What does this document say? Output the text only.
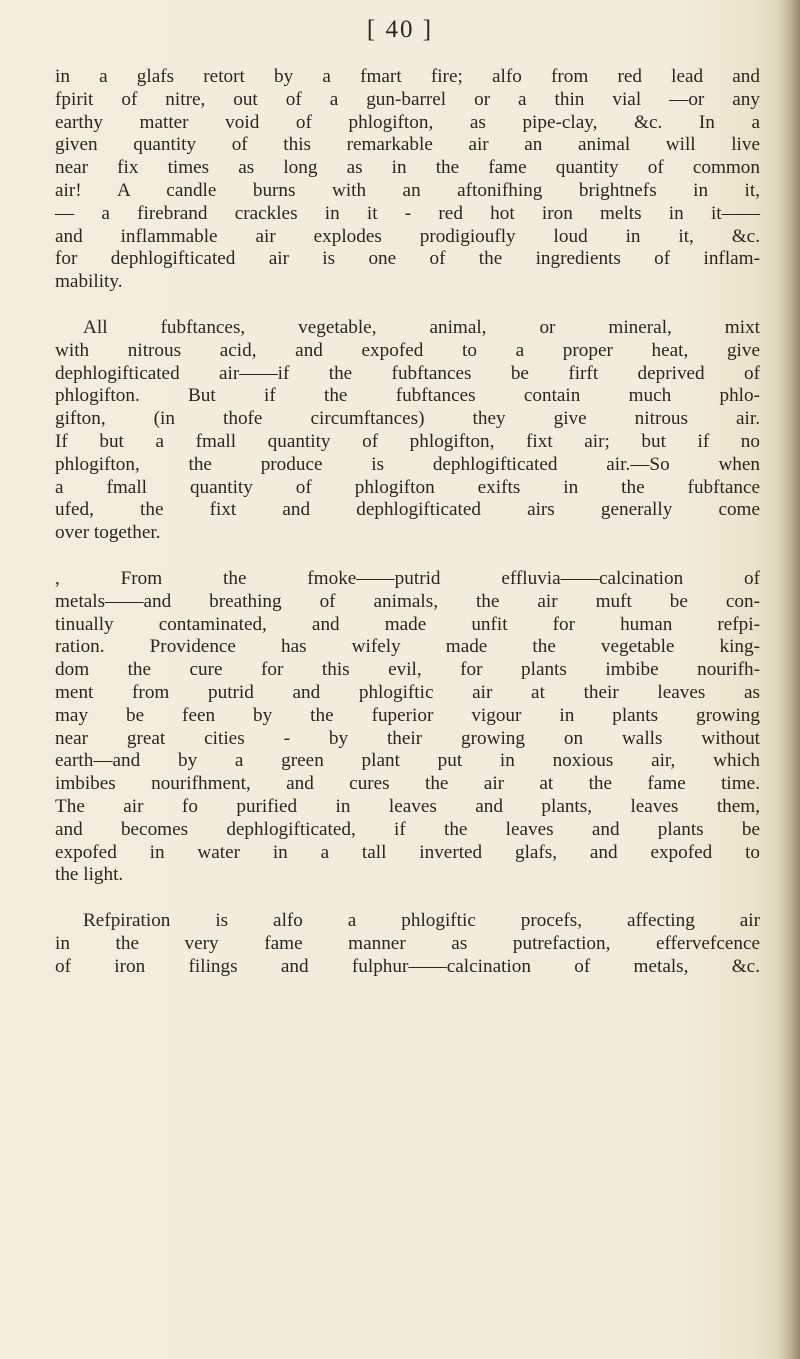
[ 40 ]
in a glafs retort by a fmart fire; alfo from red lead and
fpirit of nitre, out of a gun-barrel or a thin vial —or any
earthy matter void of phlogifton, as pipe-clay, &c. In a
given quantity of this remarkable air an animal will live
near fix times as long as in the fame quantity of common
air! A candle burns with an aftonifhing brightnefs in it,
— a firebrand crackles in it - red hot iron melts in it——
and inflammable air explodes prodigioufly loud in it, &c.
for dephlogifticated air is one of the ingredients of inflam-
mability.
All fubftances, vegetable, animal, or mineral, mixt
with nitrous acid, and expofed to a proper heat, give
dephlogifticated air——if the fubftances be firft deprived of
phlogifton. But if the fubftances contain much phlo-
gifton, (in thofe circumftances) they give nitrous air.
If but a fmall quantity of phlogifton, fixt air; but if no
phlogifton, the produce is dephlogifticated air.—So when
a fmall quantity of phlogifton exifts in the fubftance
ufed, the fixt and dephlogifticated airs generally come
over together.
, From the fmoke——putrid effluvia——calcination of
metals——and breathing of animals, the air muft be con-
tinually contaminated, and made unfit for human refpi-
ration. Providence has wifely made the vegetable king-
dom the cure for this evil, for plants imbibe nourifh-
ment from putrid and phlogiftic air at their leaves as
may be feen by the fuperior vigour in plants growing
near great cities - by their growing on walls without
earth—and by a green plant put in noxious air, which
imbibes nourifhment, and cures the air at the fame time.
The air fo purified in leaves and plants, leaves them,
and becomes dephlogifticated, if the leaves and plants be
expofed in water in a tall inverted glafs, and expofed to
the light.
Refpiration is alfo a phlogiftic procefs, affecting air
in the very fame manner as putrefaction, effervefcence
of iron filings and fulphur——calcination of metals, &c.
